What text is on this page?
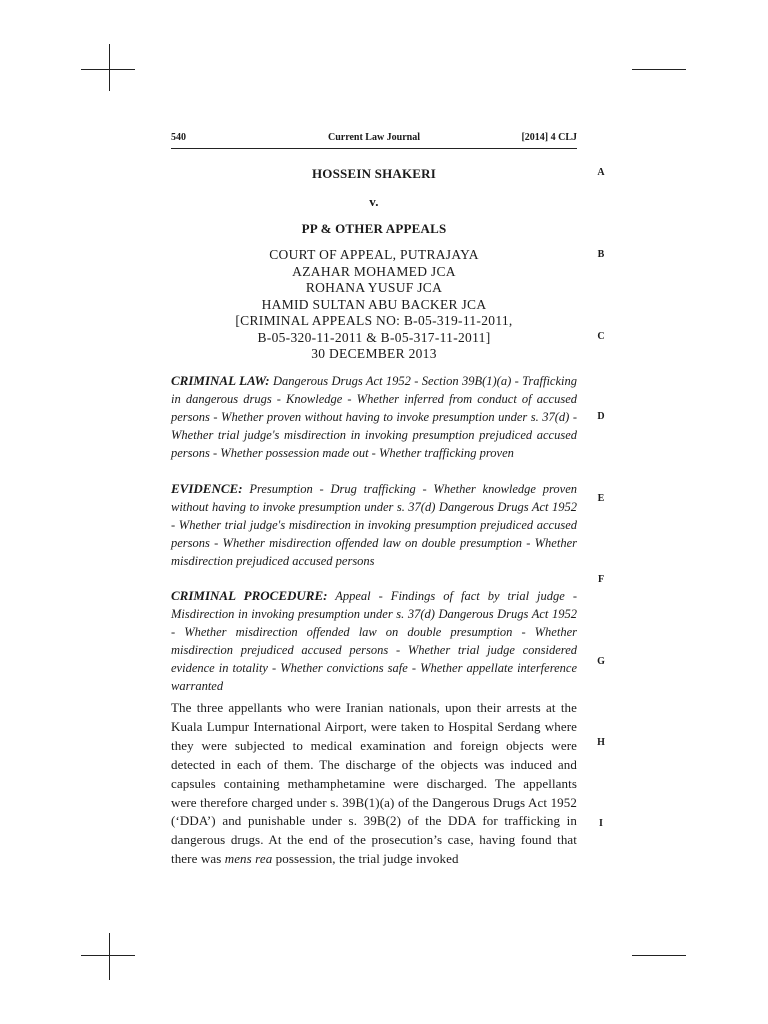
540	Current Law Journal	[2014] 4 CLJ
HOSSEIN SHAKERI
v.
PP & OTHER APPEALS
COURT OF APPEAL, PUTRAJAYA
AZAHAR MOHAMED JCA
ROHANA YUSUF JCA
HAMID SULTAN ABU BACKER JCA
[CRIMINAL APPEALS NO: B-05-319-11-2011,
B-05-320-11-2011 & B-05-317-11-2011]
30 DECEMBER 2013
CRIMINAL LAW: Dangerous Drugs Act 1952 - Section 39B(1)(a) - Trafficking in dangerous drugs - Knowledge - Whether inferred from conduct of accused persons - Whether proven without having to invoke presumption under s. 37(d) - Whether trial judge's misdirection in invoking presumption prejudiced accused persons - Whether possession made out - Whether trafficking proven
EVIDENCE: Presumption - Drug trafficking - Whether knowledge proven without having to invoke presumption under s. 37(d) Dangerous Drugs Act 1952 - Whether trial judge's misdirection in invoking presumption prejudiced accused persons - Whether misdirection offended law on double presumption - Whether misdirection prejudiced accused persons
CRIMINAL PROCEDURE: Appeal - Findings of fact by trial judge - Misdirection in invoking presumption under s. 37(d) Dangerous Drugs Act 1952 - Whether misdirection offended law on double presumption - Whether misdirection prejudiced accused persons - Whether trial judge considered evidence in totality - Whether convictions safe - Whether appellate interference warranted
The three appellants who were Iranian nationals, upon their arrests at the Kuala Lumpur International Airport, were taken to Hospital Serdang where they were subjected to medical examination and foreign objects were detected in each of them. The discharge of the objects was induced and capsules containing methamphetamine were discharged. The appellants were therefore charged under s. 39B(1)(a) of the Dangerous Drugs Act 1952 (‘DDA’) and punishable under s. 39B(2) of the DDA for trafficking in dangerous drugs. At the end of the prosecution’s case, having found that there was mens rea possession, the trial judge invoked
A
B
C
D
E
F
G
H
I
